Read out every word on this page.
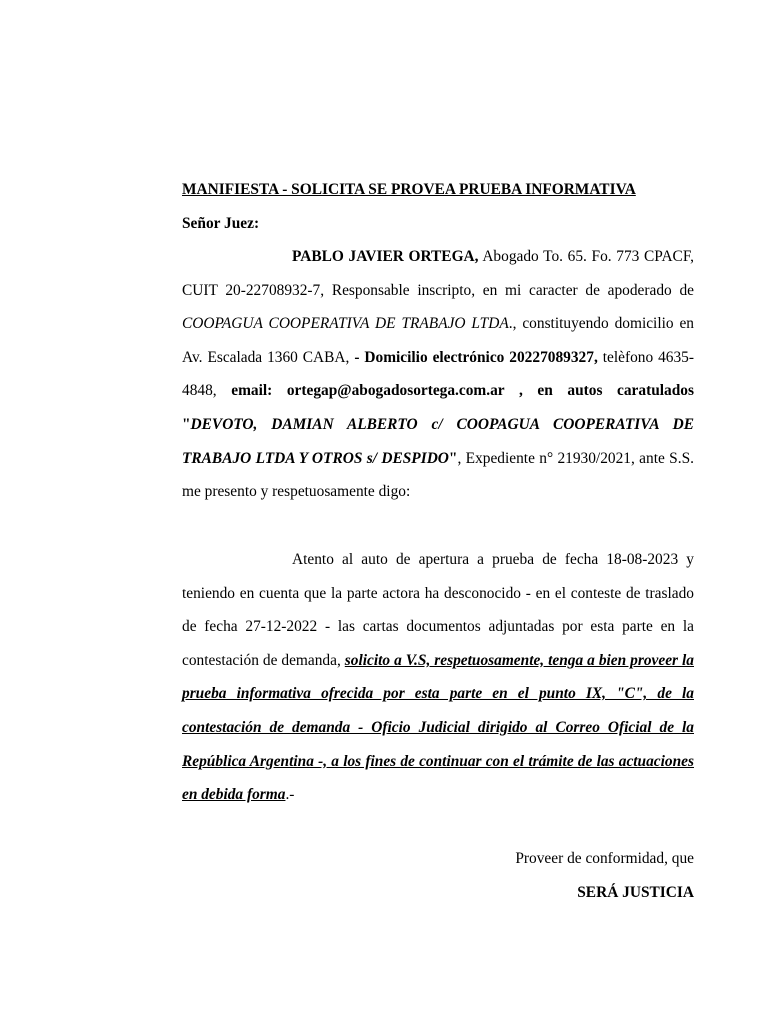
MANIFIESTA - SOLICITA SE PROVEA PRUEBA INFORMATIVA
Señor Juez:

PABLO JAVIER ORTEGA, Abogado To. 65. Fo. 773 CPACF, CUIT 20-22708932-7, Responsable inscripto, en mi caracter de apoderado de COOPAGUA COOPERATIVA DE TRABAJO LTDA., constituyendo domicilio en Av. Escalada 1360 CABA, - Domicilio electrónico 20227089327, telèfono 4635-4848, email: ortegap@abogadosortega.com.ar , en autos caratulados "DEVOTO, DAMIAN ALBERTO c/ COOPAGUA COOPERATIVA DE TRABAJO LTDA Y OTROS s/ DESPIDO", Expediente n° 21930/2021, ante S.S. me presento y respetuosamente digo:

Atento al auto de apertura a prueba de fecha 18-08-2023 y teniendo en cuenta que la parte actora ha desconocido - en el conteste de traslado de fecha 27-12-2022 - las cartas documentos adjuntadas por esta parte en la contestación de demanda, solicito a V.S, respetuosamente, tenga a bien proveer la prueba informativa ofrecida por esta parte en el punto IX, "C", de la contestación de demanda - Oficio Judicial dirigido al Correo Oficial de la República Argentina -, a los fines de continuar con el trámite de las actuaciones en debida forma.-

Proveer de conformidad, que
SERÁ JUSTICIA
